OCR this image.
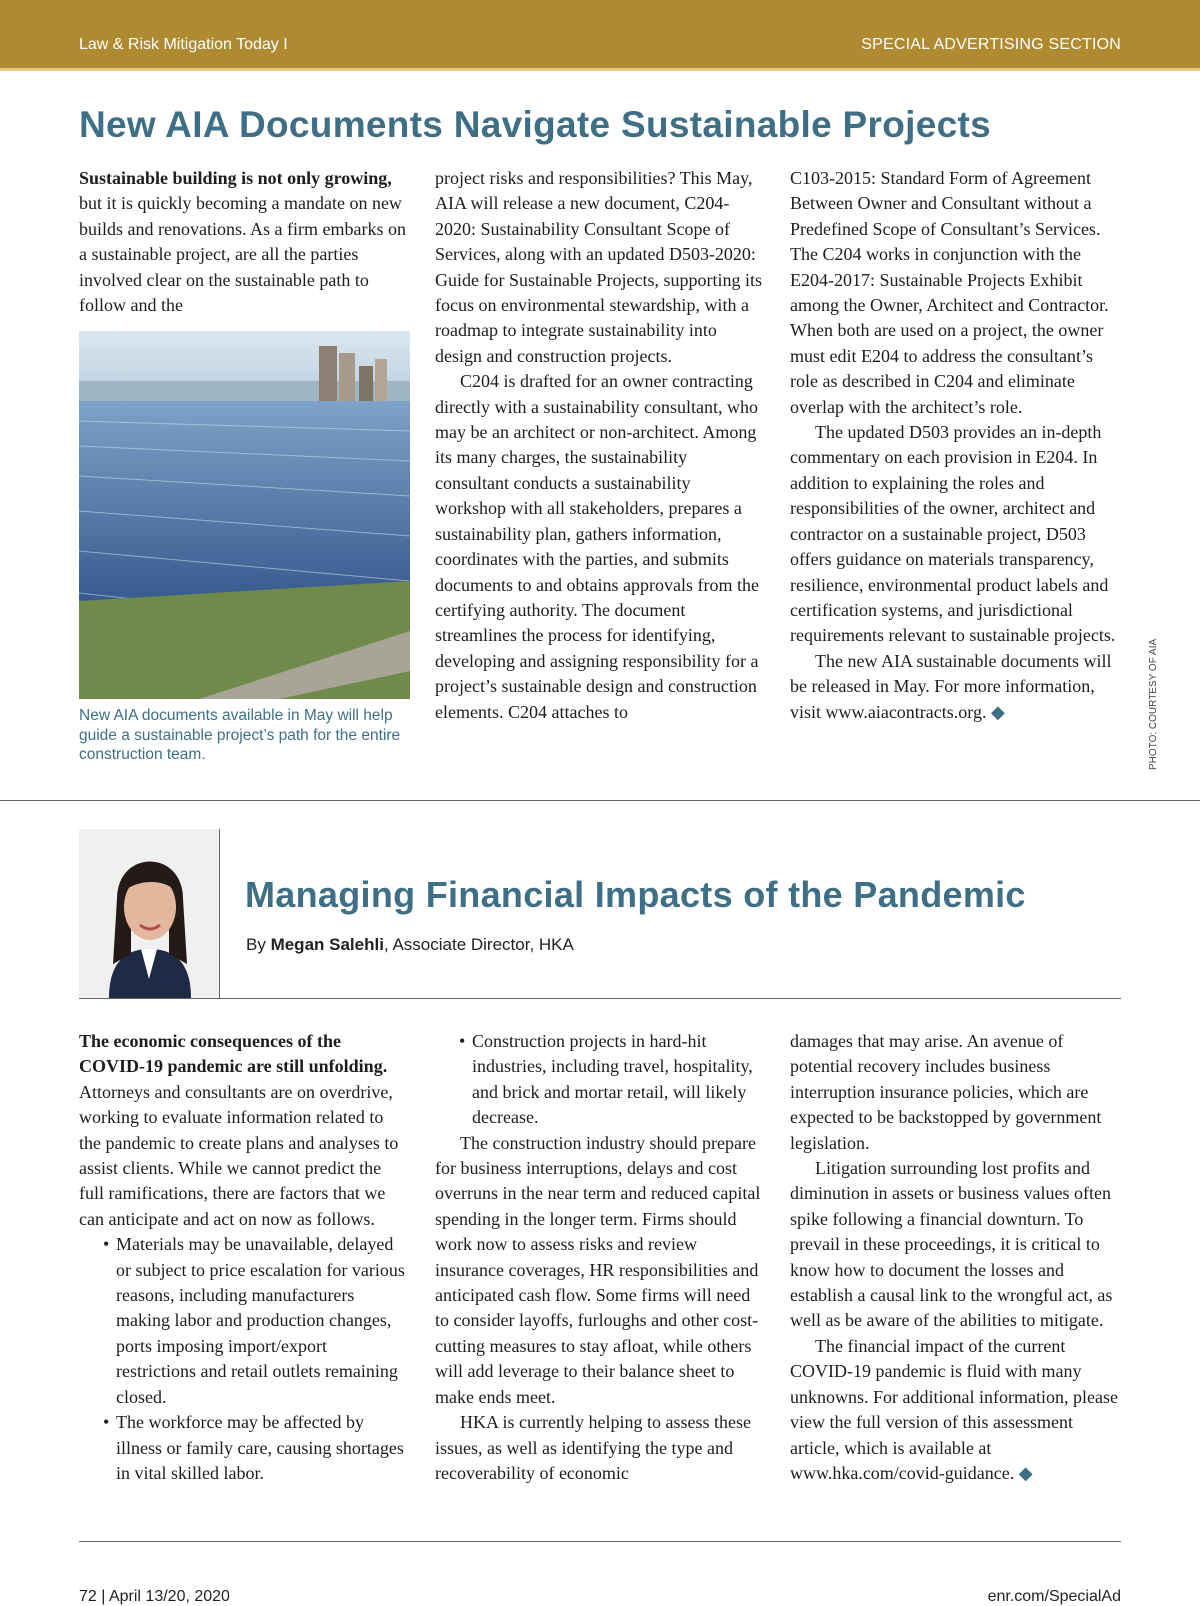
Law & Risk Mitigation Today I	SPECIAL ADVERTISING SECTION
New AIA Documents Navigate Sustainable Projects

Sustainable building is not only growing, but it is quickly becoming a mandate on new builds and renovations. As a firm embarks on a sustainable project, are all the parties involved clear on the sustainable path to follow and the

New AIA documents available in May will help guide a sustainable project’s path for the entire construction team.

project risks and responsibilities? This May, AIA will release a new document, C204-2020: Sustainability Consultant Scope of Services, along with an updated D503-2020: Guide for Sustainable Projects, supporting its focus on environmental stewardship, with a roadmap to integrate sustainability into design and construction projects.

C204 is drafted for an owner contracting directly with a sustainability consultant, who may be an architect or non-architect. Among its many charges, the sustainability consultant conducts a sustainability workshop with all stakeholders, prepares a sustainability plan, gathers information, coordinates with the parties, and submits documents to and obtains approvals from the certifying authority. The document streamlines the process for identifying, developing and assigning responsibility for a project’s sustainable design and construction elements. C204 attaches to

C103-2015: Standard Form of Agreement Between Owner and Consultant without a Predefined Scope of Consultant’s Services. The C204 works in conjunction with the E204-2017: Sustainable Projects Exhibit among the Owner, Architect and Contractor. When both are used on a project, the owner must edit E204 to address the consultant’s role as described in C204 and eliminate overlap with the architect’s role.

The updated D503 provides an in-depth commentary on each provision in E204. In addition to explaining the roles and responsibilities of the owner, architect and contractor on a sustainable project, D503 offers guidance on materials transparency, resilience, environmental product labels and certification systems, and jurisdictional requirements relevant to sustainable projects.

The new AIA sustainable documents will be released in May. For more information, visit www.aiacontracts.org. ◆	PHOTO: COURTESY OF AIA
Managing Financial Impacts of the Pandemic
By Megan Salehli, Associate Director, HKA

The economic consequences of the COVID-19 pandemic are still unfolding. Attorneys and consultants are on overdrive, working to evaluate information related to the pandemic to create plans and analyses to assist clients. While we cannot predict the full ramifications, there are factors that we can anticipate and act on now as follows.

• Materials may be unavailable, delayed or subject to price escalation for various reasons, including manufacturers making labor and production changes, ports imposing import/export restrictions and retail outlets remaining closed.
• The workforce may be affected by illness or family care, causing shortages in vital skilled labor.
• Construction projects in hard-hit industries, including travel, hospitality, and brick and mortar retail, will likely decrease.

The construction industry should prepare for business interruptions, delays and cost overruns in the near term and reduced capital spending in the longer term. Firms should work now to assess risks and review insurance coverages, HR responsibilities and anticipated cash flow. Some firms will need to consider layoffs, furloughs and other cost-cutting measures to stay afloat, while others will add leverage to their balance sheet to make ends meet.

HKA is currently helping to assess these issues, as well as identifying the type and recoverability of economic

damages that may arise. An avenue of potential recovery includes business interruption insurance policies, which are expected to be backstopped by government legislation.

Litigation surrounding lost profits and diminution in assets or business values often spike following a financial downturn. To prevail in these proceedings, it is critical to know how to document the losses and establish a causal link to the wrongful act, as well as be aware of the abilities to mitigate.

The financial impact of the current COVID-19 pandemic is fluid with many unknowns. For additional information, please view the full version of this assessment article, which is available at www.hka.com/covid-guidance. ◆

72 | April 13/20, 2020	enr.com/SpecialAd
